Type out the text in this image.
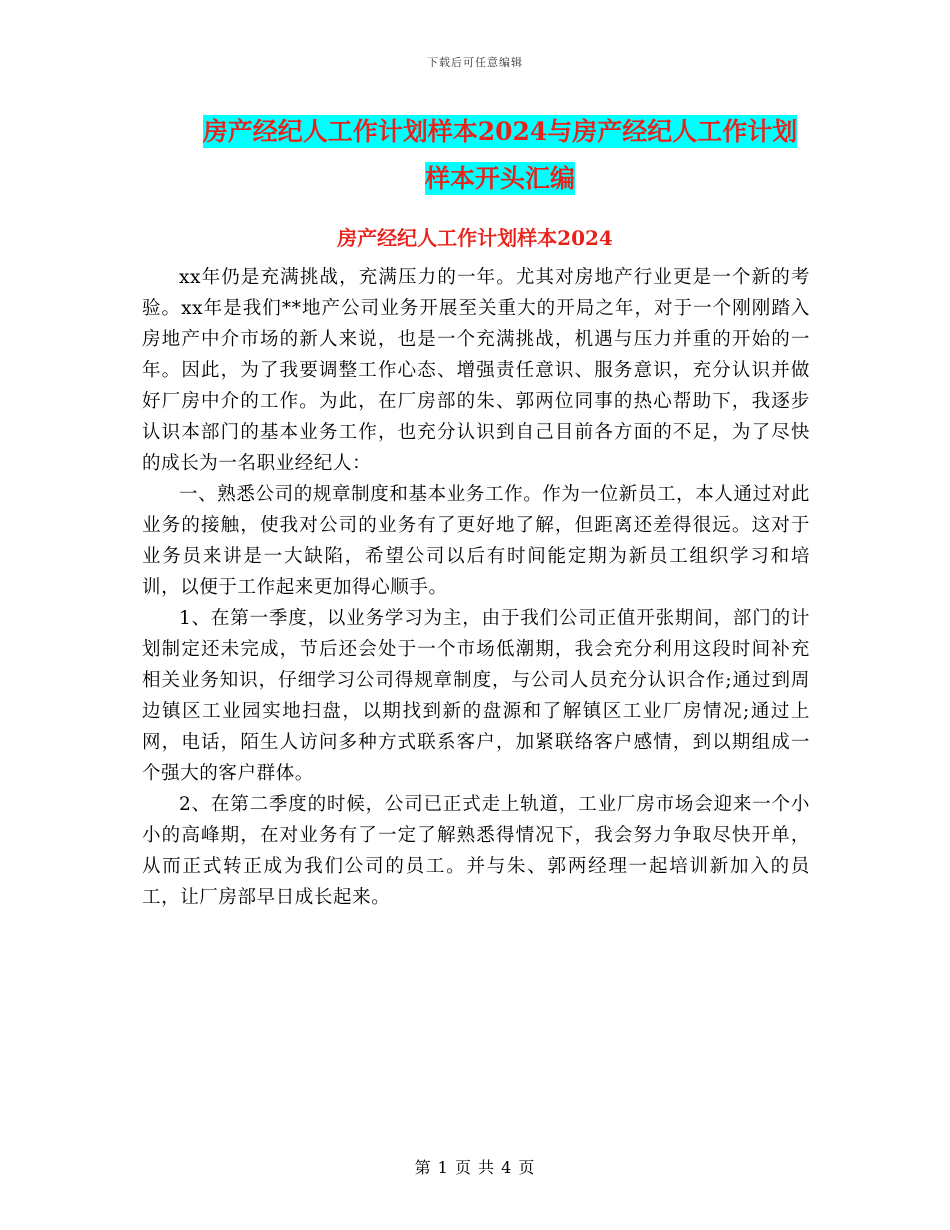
下载后可任意编辑
房产经纪人工作计划样本2024与房产经纪人工作计划
样本开头汇编
房产经纪人工作计划样本2024

xx年仍是充满挑战，充满压力的一年。尤其对房地产行业更是一个新的考验。xx年是我们**地产公司业务开展至关重大的开局之年，对于一个刚刚踏入房地产中介市场的新人来说，也是一个充满挑战，机遇与压力并重的开始的一年。因此，为了我要调整工作心态、增强责任意识、服务意识，充分认识并做好厂房中介的工作。为此，在厂房部的朱、郭两位同事的热心帮助下，我逐步认识本部门的基本业务工作，也充分认识到自己目前各方面的不足，为了尽快的成长为一名职业经纪人：

一、熟悉公司的规章制度和基本业务工作。作为一位新员工，本人通过对此业务的接触，使我对公司的业务有了更好地了解，但距离还差得很远。这对于业务员来讲是一大缺陷，希望公司以后有时间能定期为新员工组织学习和培训，以便于工作起来更加得心顺手。

1、在第一季度，以业务学习为主，由于我们公司正值开张期间，部门的计划制定还未完成，节后还会处于一个市场低潮期，我会充分利用这段时间补充相关业务知识，仔细学习公司得规章制度，与公司人员充分认识合作;通过到周边镇区工业园实地扫盘，以期找到新的盘源和了解镇区工业厂房情况;通过上网，电话，陌生人访问多种方式联系客户，加紧联络客户感情，到以期组成一个强大的客户群体。

2、在第二季度的时候，公司已正式走上轨道，工业厂房市场会迎来一个小小的高峰期，在对业务有了一定了解熟悉得情况下，我会努力争取尽快开单，从而正式转正成为我们公司的员工。并与朱、郭两经理一起培训新加入的员工，让厂房部早日成长起来。

第 1 页 共 4 页
